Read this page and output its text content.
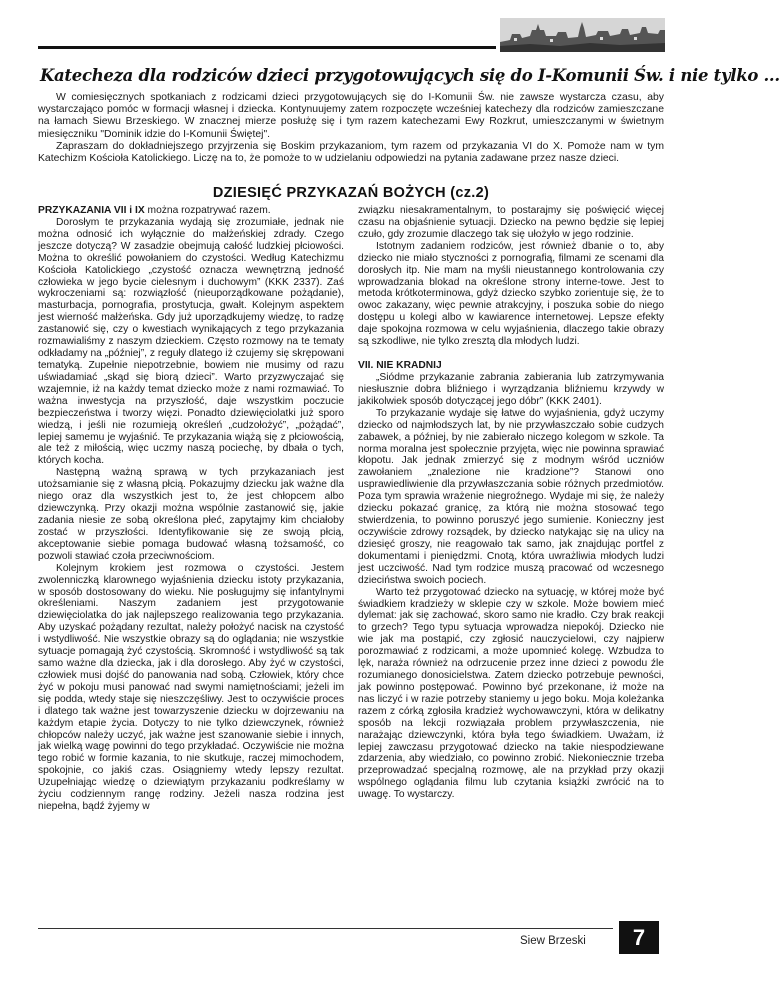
Katecheza dla rodziców dzieci przygotowujących się do I-Komunii Św. i nie tylko ...

W comiesięcznych spotkaniach z rodzicami dzieci przygotowujących się do I-Komunii Św. nie zawsze wystarcza czasu, aby wystarczająco pomóc w formacji własnej i dziecka. Kontynuujemy zatem rozpoczęte wcześniej katechezy dla rodziców zamieszczane na łamach Siewu Brzeskiego. W znacznej mierze posłużę się i tym razem katechezami Ewy Rozkrut, umieszczanymi w świetnym miesięczniku "Dominik idzie do I-Komunii Świętej".

Zapraszam do dokładniejszego przyjrzenia się Boskim przykazaniom, tym razem od przykazania VI do X. Pomoże nam w tym Katechizm Kościoła Katolickiego. Liczę na to, że pomoże to w udzielaniu odpowiedzi na pytania zadawane przez nasze dzieci.

DZIESIĘĆ PRZYKAZAŃ BOŻYCH (cz.2)

PRZYKAZANIA VII i IX można rozpatrywać razem.

Dorosłym te przykazania wydają się zrozumiałe, jednak nie można odnosić ich wyłącznie do małżeńskiej zdrady. Czego jeszcze dotyczą? W zasadzie obejmują całość ludzkiej płciowości. Można to określić powołaniem do czystości. Według Katechizmu Kościoła Katolickiego „czystość oznacza wewnętrzną jedność człowieka w jego bycie cielesnym i duchowym” (KKK 2337). Zaś wykroczeniami są: rozwiązłość (nieuporządkowane pożądanie), masturbacja, pornografia, prostytucja, gwałt. Kolejnym aspektem jest wierność małżeńska. Gdy już uporządkujemy wiedzę, to radzę zastanowić się, czy o kwestiach wynikających z tego przykazania rozmawialiśmy z naszym dzieckiem. Często rozmowy na te tematy odkładamy na „później”, z reguły dlatego iż czujemy się skrępowani tematyką. Zupełnie niepotrzebnie, bowiem nie musimy od razu uświadamiać „skąd się biorą dzieci”. Warto przyzwyczajać się wzajemnie, iż na każdy temat dziecko może z nami rozmawiać. To ważna inwestycja na przyszłość, daje wszystkim poczucie bezpieczeństwa i tworzy więzi. Ponadto dziewięciolatki już sporo wiedzą, i jeśli nie rozumieją określeń „cudzołożyć”, „pożądać”, lepiej samemu je wyjaśnić. Te przykazania wiążą się z płciowością, ale też z miłością, więc uczmy naszą pociechę, by dbała o tych, których kocha.

Następną ważną sprawą w tych przykazaniach jest utożsamianie się z własną płcią. Pokazujmy dziecku jak ważne dla niego oraz dla wszystkich jest to, że jest chłopcem albo dziewczynką. Przy okazji można wspólnie zastanowić się, jakie zadania niesie ze sobą określona płeć, zapytajmy kim chciałoby zostać w przyszłości. Identyfikowanie się ze swoją płcią, akceptowanie siebie pomaga budować własną tożsamość, co pozwoli stawiać czoła przeciwnościom.

Kolejnym krokiem jest rozmowa o czystości. Jestem zwolenniczką klarownego wyjaśnienia dziecku istoty przykazania, w sposób dostosowany do wieku. Nie posługujmy się infantylnymi określeniami. Naszym zadaniem jest przygotowanie dziewięciolatka do jak najlepszego realizowania tego przykazania. Aby uzyskać pożądany rezultat, należy położyć nacisk na czystość i wstydliwość. Nie wszystkie obrazy są do oglądania; nie wszystkie sytuacje pomagają żyć czystością. Skromność i wstydliwość są tak samo ważne dla dziecka, jak i dla dorosłego. Aby żyć w czystości, człowiek musi dojść do panowania nad sobą. Człowiek, który chce żyć w pokoju musi panować nad swymi namiętnościami; jeżeli im się podda, wtedy staje się nieszczęśliwy. Jest to oczywiście proces i dlatego tak ważne jest towarzyszenie dziecku w dojrzewaniu na każdym etapie życia. Dotyczy to nie tylko dziewczynek, również chłopców należy uczyć, jak ważne jest szanowanie siebie i innych, jak wielką wagę powinni do tego przykładać. Oczywiście nie można tego robić w formie kazania, to nie skutkuje, raczej mimochodem, spokojnie, co jakiś czas. Osiągniemy wtedy lepszy rezultat. Uzupełniając wiedzę o dziewiątym przykazaniu podkreślamy w życiu codziennym rangę rodziny. Jeżeli nasza rodzina jest niepełna, bądź żyjemy w

związku niesakramentalnym, to postarajmy się poświęcić więcej czasu na objaśnienie sytuacji. Dziecko na pewno będzie się lepiej czuło, gdy zrozumie dlaczego tak się ułożyło w jego rodzinie.

Istotnym zadaniem rodziców, jest również dbanie o to, aby dziecko nie miało styczności z pornografią, filmami ze scenami dla dorosłych itp. Nie mam na myśli nieustannego kontrolowania czy wprowadzania blokad na określone strony interne-towe. Jest to metoda krótkoterminowa, gdyż dziecko szybko zorientuje się, że to owoc zakazany, więc pewnie atrakcyjny, i poszuka sobie do niego dostępu u kolegi albo w kawiarence internetowej. Lepsze efekty daje spokojna rozmowa w celu wyjaśnienia, dlaczego takie obrazy są szkodliwe, nie tylko zresztą dla młodych ludzi.

VII. NIE KRADNIJ

„Siódme przykazanie zabrania zabierania lub zatrzymywania niesłusznie dobra bliźniego i wyrządzania bliźniemu krzywdy w jakikolwiek sposób dotyczącej jego dóbr” (KKK 2401).

To przykazanie wydaje się łatwe do wyjaśnienia, gdyż uczymy dziecko od najmłodszych lat, by nie przywłaszczało sobie cudzych zabawek, a później, by nie zabierało niczego kolegom w szkole. Ta norma moralna jest społecznie przyjęta, więc nie powinna sprawiać kłopotu. Jak jednak zmierzyć się z modnym wśród uczniów zawołaniem „znalezione nie kradzione”? Stanowi ono usprawiedliwienie dla przywłaszczania sobie różnych przedmiotów. Poza tym sprawia wrażenie niegroźnego. Wydaje mi się, że należy dziecku pokazać granicę, za którą nie można stosować tego stwierdzenia, to powinno poruszyć jego sumienie. Konieczny jest oczywiście zdrowy rozsądek, by dziecko natykając się na ulicy na dziesięć groszy, nie reagowało tak samo, jak znajdując portfel z dokumentami i pieniędzmi. Cnotą, która uwrażliwia młodych ludzi jest uczciwość. Nad tym rodzice muszą pracować od wczesnego dzieciństwa swoich pociech.

Warto też przygotować dziecko na sytuację, w której może być świadkiem kradzieży w sklepie czy w szkole. Może bowiem mieć dylemat: jak się zachować, skoro samo nie kradło. Czy brak reakcji to grzech? Tego typu sytuacja wprowadza niepokój. Dziecko nie wie jak ma postąpić, czy zgłosić nauczycielowi, czy najpierw porozmawiać z rodzicami, a może upomnieć kolegę. Wzbudza to lęk, naraża również na odrzucenie przez inne dzieci z powodu źle rozumianego donosicielstwa. Zatem dziecko potrzebuje pewności, jak powinno postępować. Powinno być przekonane, iż może na nas liczyć i w razie potrzeby staniemy u jego boku. Moja koleżanka razem z córką zgłosiła kradzież wychowawczyni, która w delikatny sposób na lekcji rozwiązała problem przywłaszczenia, nie narażając dziewczynki, która była tego świadkiem. Uważam, iż lepiej zawczasu przygotować dziecko na takie niespodziewane zdarzenia, aby wiedziało, co powinno zrobić. Niekoniecznie trzeba przeprowadzać specjalną rozmowę, ale na przykład przy okazji wspólnego oglądania filmu lub czytania książki zwrócić na to uwagę. To wystarczy.

Siew Brzeski	7
